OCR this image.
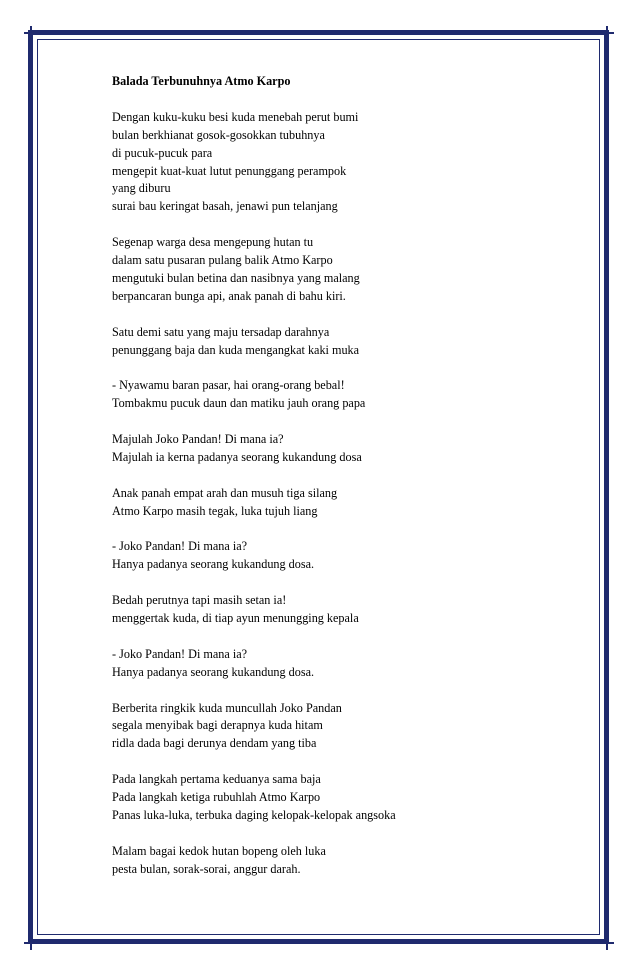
Balada Terbunuhnya Atmo Karpo
Dengan kuku-kuku besi kuda menebah perut bumi
bulan berkhianat gosok-gosokkan tubuhnya
di pucuk-pucuk para
mengepit kuat-kuat lutut penunggang perampok
yang diburu
surai bau keringat basah, jenawi pun telanjang
Segenap warga desa mengepung hutan tu
dalam satu pusaran pulang balik Atmo Karpo
mengutuki bulan betina dan nasibnya yang malang
berpancaran bunga api, anak panah di bahu kiri.
Satu demi satu yang maju tersadap darahnya
penunggang baja dan kuda mengangkat kaki muka
- Nyawamu baran pasar, hai orang-orang bebal!
Tombakmu pucuk daun dan matiku jauh orang papa
Majulah Joko Pandan! Di mana ia?
Majulah ia kerna padanya seorang kukandung dosa
Anak panah empat arah dan musuh tiga silang
Atmo Karpo masih tegak, luka tujuh liang
- Joko Pandan! Di mana ia?
Hanya padanya seorang kukandung dosa.
Bedah perutnya tapi masih setan ia!
menggertak kuda, di tiap ayun menungging kepala
- Joko Pandan! Di mana ia?
Hanya padanya seorang kukandung dosa.
Berberita ringkik kuda muncullah Joko Pandan
segala menyibak bagi derapnya kuda hitam
ridla dada bagi derunya dendam yang tiba
Pada langkah pertama keduanya sama baja
Pada langkah ketiga rubuhlah Atmo Karpo
Panas luka-luka, terbuka daging kelopak-kelopak angsoka
Malam bagai kedok hutan bopeng oleh luka
pesta bulan, sorak-sorai, anggur darah.
